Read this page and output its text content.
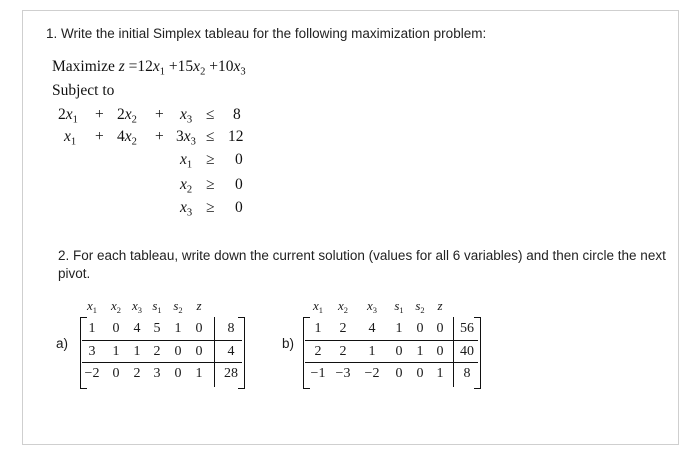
1. Write the initial Simplex tableau for the following maximization problem:
Maximize $z =12x_1 +15x_2 +10x_3$
Subject to
$2x_1 + 2x_2 + x_3 \le 8$
$x_1 + 4x_2 + 3x_3 \le 12$
$x_1 \ge 0$
$x_2 \ge 0$
$x_3 \ge 0$
2. For each tableau, write down the current solution (values for all 6 variables) and then circle the next
pivot.
a)
$x_1$ $x_2$ $x_3$ $s_1$ $s_2$	z
1	0	4 5	1	0	8
3	1	1 2	0	0	4
−2 0	2 3	0	1	28
b)
$x_1$ $x_2$ $x_3$ $s_1$ $s_2$ z
1	2	4	1	0 0	56
2	2	1	0	1 0	40
−1 −3 −2	0	0 1	8
